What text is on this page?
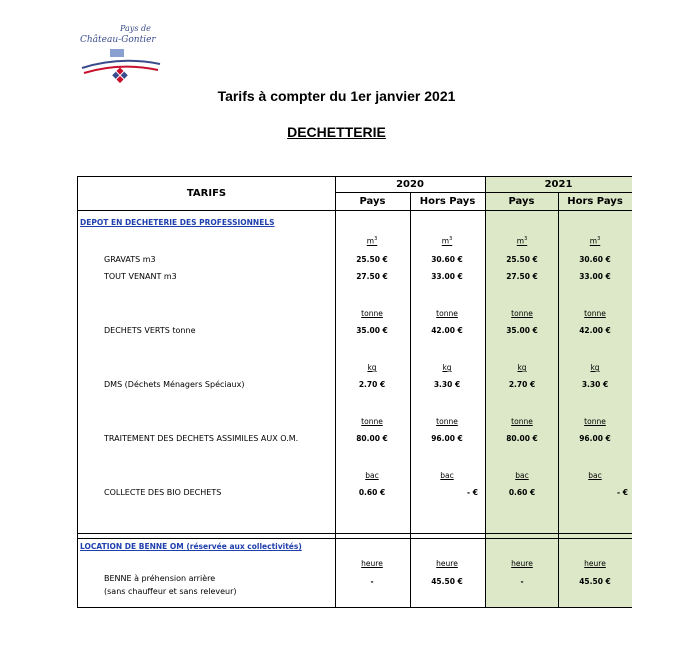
Pays de
Château-Gontier
Tarifs à compter du 1er janvier 2021
DECHETTERIE
TARIFS
2020	2021
Pays	Hors Pays	Pays	Hors Pays
DEPOT EN DECHETERIE DES PROFESSIONNELS
$m^3$	$m^3$	$m^3$	$m^3$
GRAVATS m3	25.50 €	30.60 €	25.50 €	30.60 €
TOUT VENANT m3	27.50 €	33.00 €	27.50 €	33.00 €
tonne	tonne	tonne	tonne
DECHETS VERTS tonne	35.00 €	42.00 €	35.00 €	42.00 €
kg	kg	kg	kg
DMS (Déchets Ménagers Spéciaux)	2.70 €	3.30 €	2.70 €	3.30 €
tonne	tonne	tonne	tonne
TRAITEMENT DES DECHETS ASSIMILES AUX O.M.	80.00 €	96.00 €	80.00 €	96.00 €
bac	bac	bac	bac
COLLECTE DES BIO DECHETS	0.60 €	- €	0.60 €	- €
LOCATION DE BENNE OM (réservée aux collectivités)
heure	heure	heure	heure
BENNE à préhension arrière
(sans chauffeur et sans releveur)
-	45.50 €	-	45.50 €
